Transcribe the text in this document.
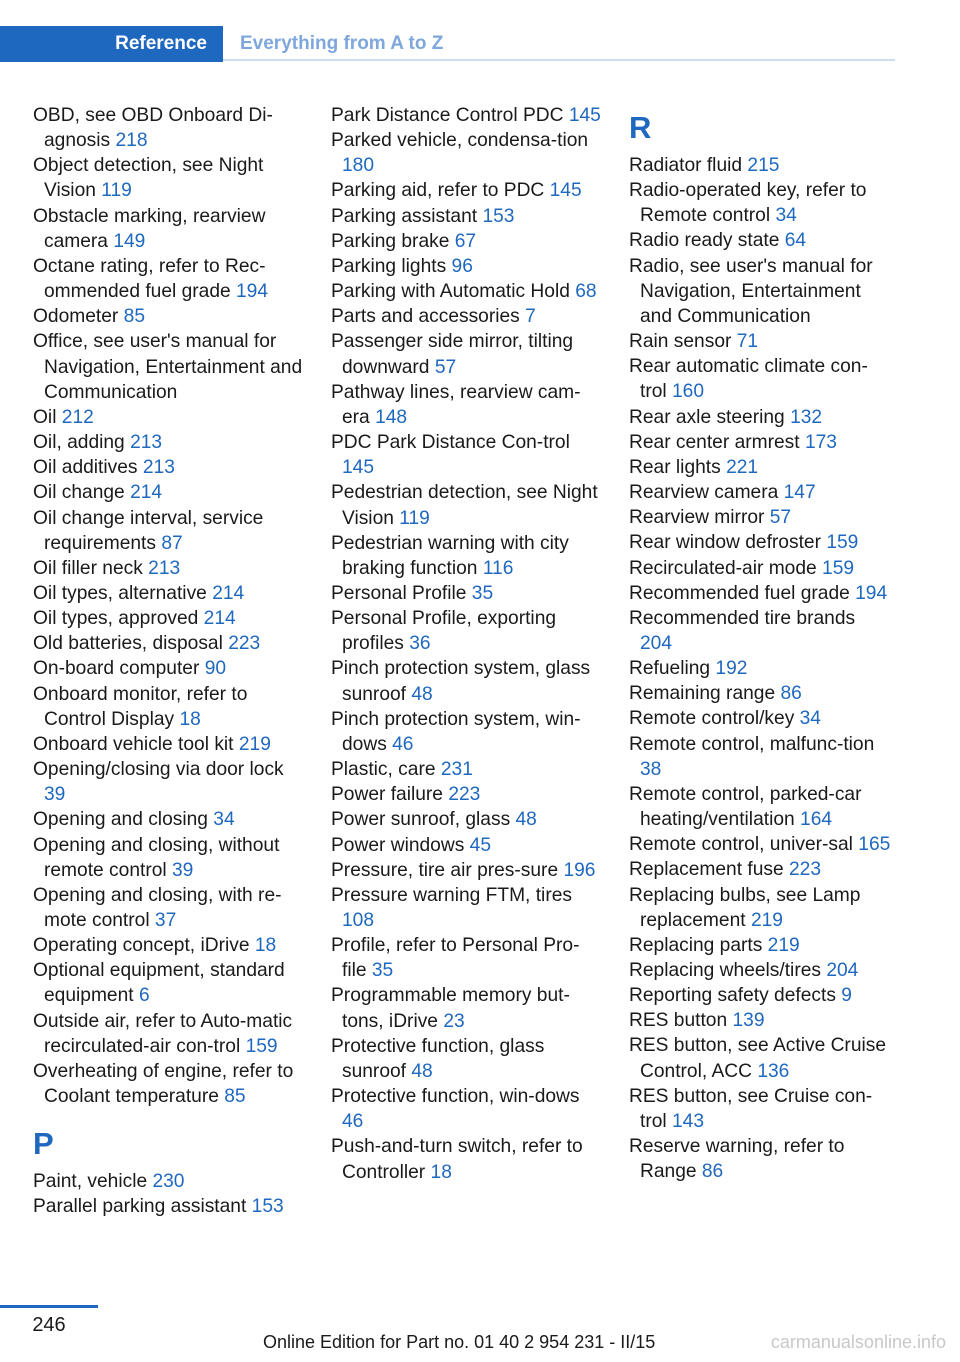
Reference	Everything from A to Z
OBD, see OBD Onboard Di-agnosis 218
Object detection, see Night Vision 119
Obstacle marking, rearview camera 149
Octane rating, refer to Rec-ommended fuel grade 194
Odometer 85
Office, see user's manual for Navigation, Entertainment and Communication
Oil 212
Oil, adding 213
Oil additives 213
Oil change 214
Oil change interval, service requirements 87
Oil filler neck 213
Oil types, alternative 214
Oil types, approved 214
Old batteries, disposal 223
On-board computer 90
Onboard monitor, refer to Control Display 18
Onboard vehicle tool kit 219
Opening/closing via door lock 39
Opening and closing 34
Opening and closing, without remote control 39
Opening and closing, with re-mote control 37
Operating concept, iDrive 18
Optional equipment, standard equipment 6
Outside air, refer to Auto-matic recirculated-air con-trol 159
Overheating of engine, refer to Coolant temperature 85
P
Paint, vehicle 230
Parallel parking assistant 153
Park Distance Control PDC 145
Parked vehicle, condensa-tion 180
Parking aid, refer to PDC 145
Parking assistant 153
Parking brake 67
Parking lights 96
Parking with Automatic Hold 68
Parts and accessories 7
Passenger side mirror, tilting downward 57
Pathway lines, rearview cam-era 148
PDC Park Distance Con-trol 145
Pedestrian detection, see Night Vision 119
Pedestrian warning with city braking function 116
Personal Profile 35
Personal Profile, exporting profiles 36
Pinch protection system, glass sunroof 48
Pinch protection system, win-dows 46
Plastic, care 231
Power failure 223
Power sunroof, glass 48
Power windows 45
Pressure, tire air pres-sure 196
Pressure warning FTM, tires 108
Profile, refer to Personal Pro-file 35
Programmable memory but-tons, iDrive 23
Protective function, glass sunroof 48
Protective function, win-dows 46
Push-and-turn switch, refer to Controller 18
R
Radiator fluid 215
Radio-operated key, refer to Remote control 34
Radio ready state 64
Radio, see user's manual for Navigation, Entertainment and Communication
Rain sensor 71
Rear automatic climate con-trol 160
Rear axle steering 132
Rear center armrest 173
Rear lights 221
Rearview camera 147
Rearview mirror 57
Rear window defroster 159
Recirculated-air mode 159
Recommended fuel grade 194
Recommended tire brands 204
Refueling 192
Remaining range 86
Remote control/key 34
Remote control, malfunc-tion 38
Remote control, parked-car heating/ventilation 164
Remote control, univer-sal 165
Replacement fuse 223
Replacing bulbs, see Lamp replacement 219
Replacing parts 219
Replacing wheels/tires 204
Reporting safety defects 9
RES button 139
RES button, see Active Cruise Control, ACC 136
RES button, see Cruise con-trol 143
Reserve warning, refer to Range 86
246
Online Edition for Part no. 01 40 2 954 231 - II/15	carmanualsonline.info
